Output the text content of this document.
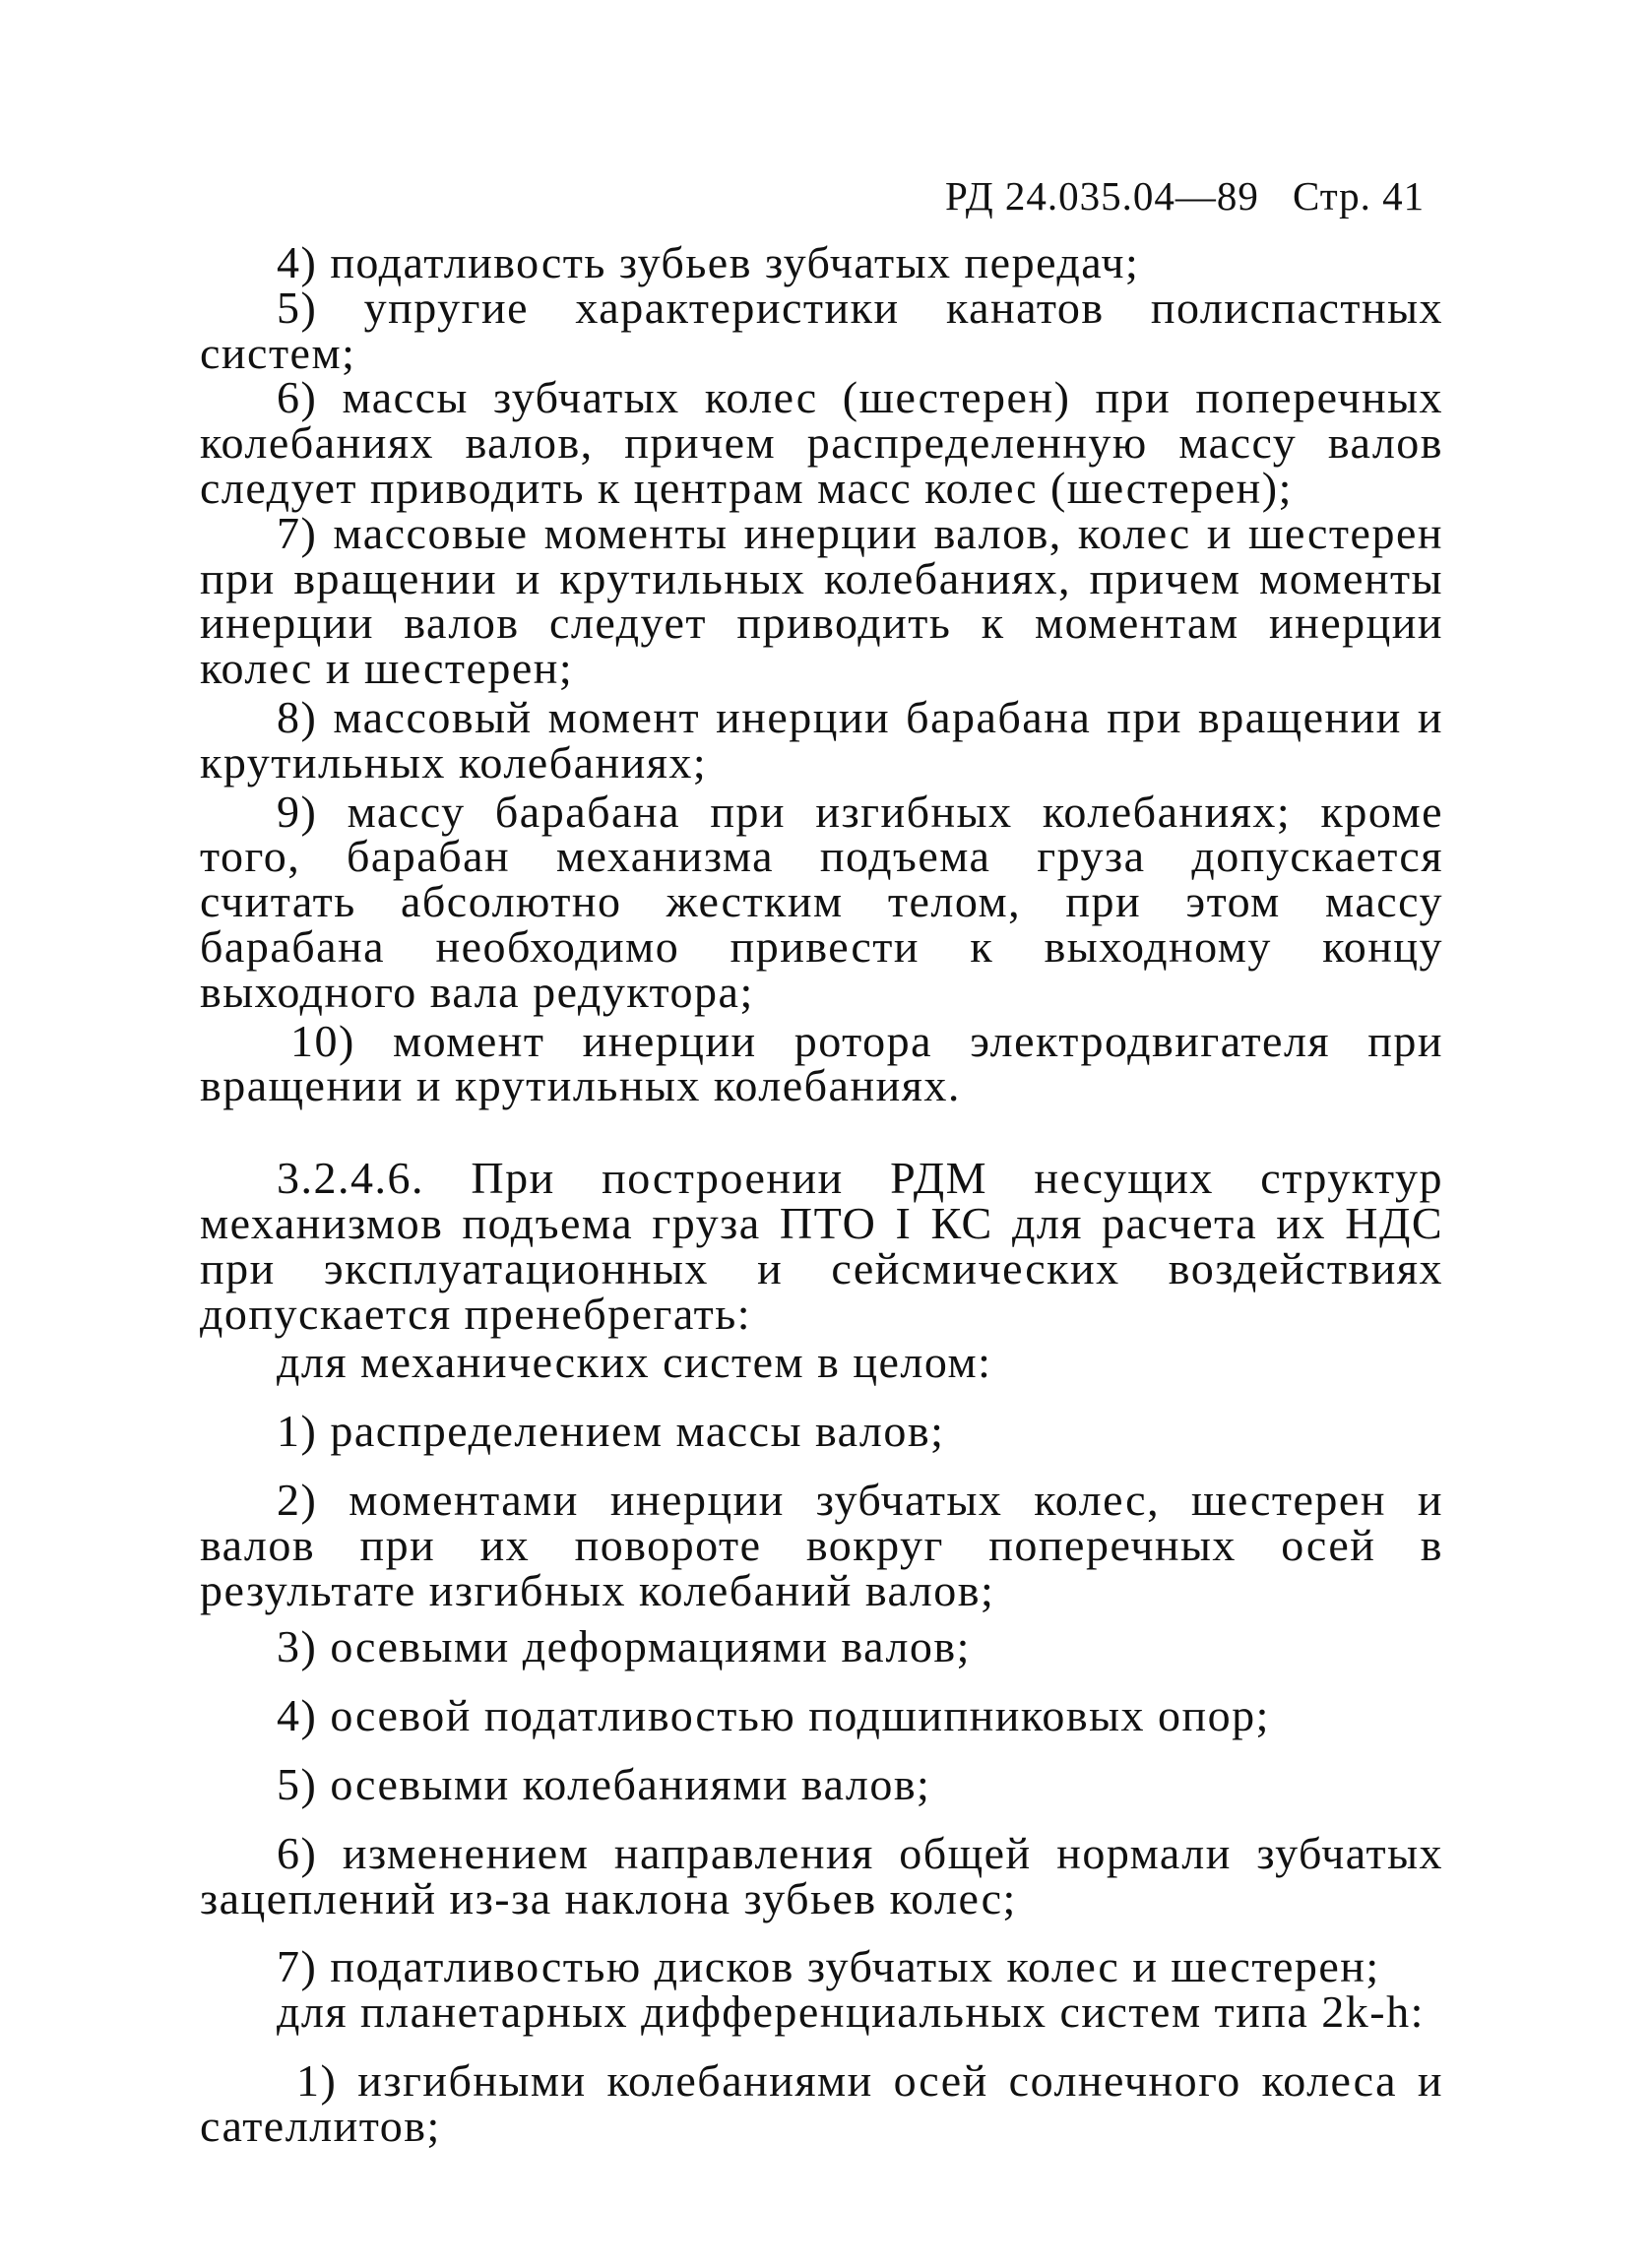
РД 24.035.04—89 Стр. 41

4) податливость зубьев зубчатых передач;

5) упругие характеристики канатов полиспастных систем;

6) массы зубчатых колес (шестерен) при поперечных колебаниях валов, причем распределенную массу валов следует приводить к центрам масс колес (шестерен);

7) массовые моменты инерции валов, колес и шестерен при вращении и крутильных колебаниях, причем моменты инерции валов следует приводить к моментам инерции колес и шестерен;

8) массовый момент инерции барабана при вращении и крутильных колебаниях;

9) массу барабана при изгибных колебаниях; кроме того, барабан механизма подъема груза допускается считать абсолютно жестким телом, при этом массу барабана необходимо привести к выходному концу выходного вала редуктора;

10) момент инерции ротора электродвигателя при вращении и крутильных колебаниях.

3.2.4.6. При построении РДМ несущих структур механизмов подъема груза ПТО I КС для расчета их НДС при эксплуатационных и сейсмических воздействиях допускается пренебрегать:

для механических систем в целом:

1) распределением массы валов;

2) моментами инерции зубчатых колес, шестерен и валов при их повороте вокруг поперечных осей в результате изгибных колебаний валов;

3) осевыми деформациями валов;

4) осевой податливостью подшипниковых опор;

5) осевыми колебаниями валов;

6) изменением направления общей нормали зубчатых зацеплений из-за наклона зубьев колес;

7) податливостью дисков зубчатых колес и шестерен;

для планетарных дифференциальных систем типа 2k-h:

1) изгибными колебаниями осей солнечного колеса и сателлитов;
